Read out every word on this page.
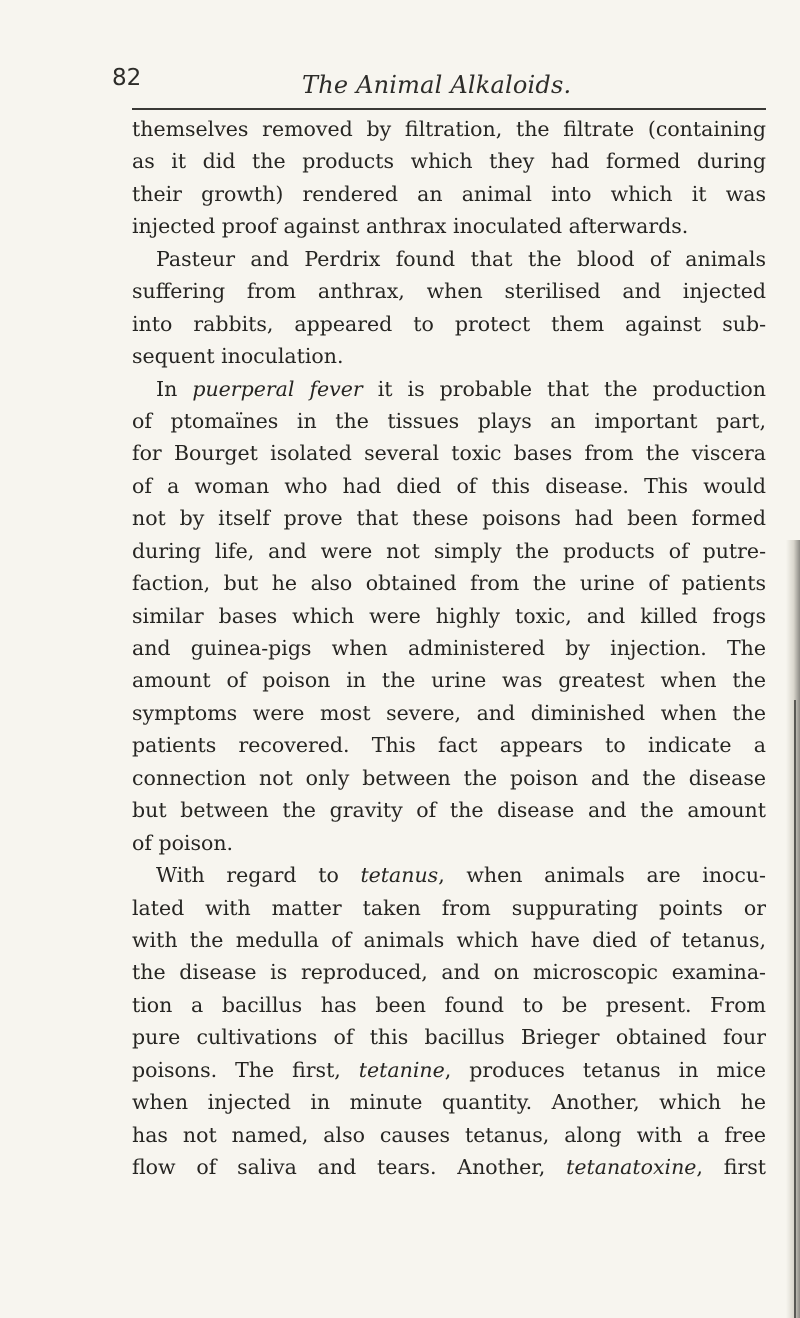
82	The Animal Alkaloids.
themselves removed by filtration, the filtrate (containing
as it did the products which they had formed during
their growth) rendered an animal into which it was
injected proof against anthrax inoculated afterwards.
Pasteur and Perdrix found that the blood of animals
suffering from anthrax, when sterilised and injected
into rabbits, appeared to protect them against sub-
sequent inoculation.
In puerperal fever it is probable that the production
of ptomaïnes in the tissues plays an important part,
for Bourget isolated several toxic bases from the viscera
of a woman who had died of this disease. This would
not by itself prove that these poisons had been formed
during life, and were not simply the products of putre-
faction, but he also obtained from the urine of patients
similar bases which were highly toxic, and killed frogs
and guinea-pigs when administered by injection. The
amount of poison in the urine was greatest when the
symptoms were most severe, and diminished when the
patients recovered. This fact appears to indicate a
connection not only between the poison and the disease
but between the gravity of the disease and the amount
of poison.
With regard to tetanus, when animals are inocu-
lated with matter taken from suppurating points or
with the medulla of animals which have died of tetanus,
the disease is reproduced, and on microscopic examina-
tion a bacillus has been found to be present. From
pure cultivations of this bacillus Brieger obtained four
poisons. The first, tetanine, produces tetanus in mice
when injected in minute quantity. Another, which he
has not named, also causes tetanus, along with a free
flow of saliva and tears. Another, tetanatoxine, first
